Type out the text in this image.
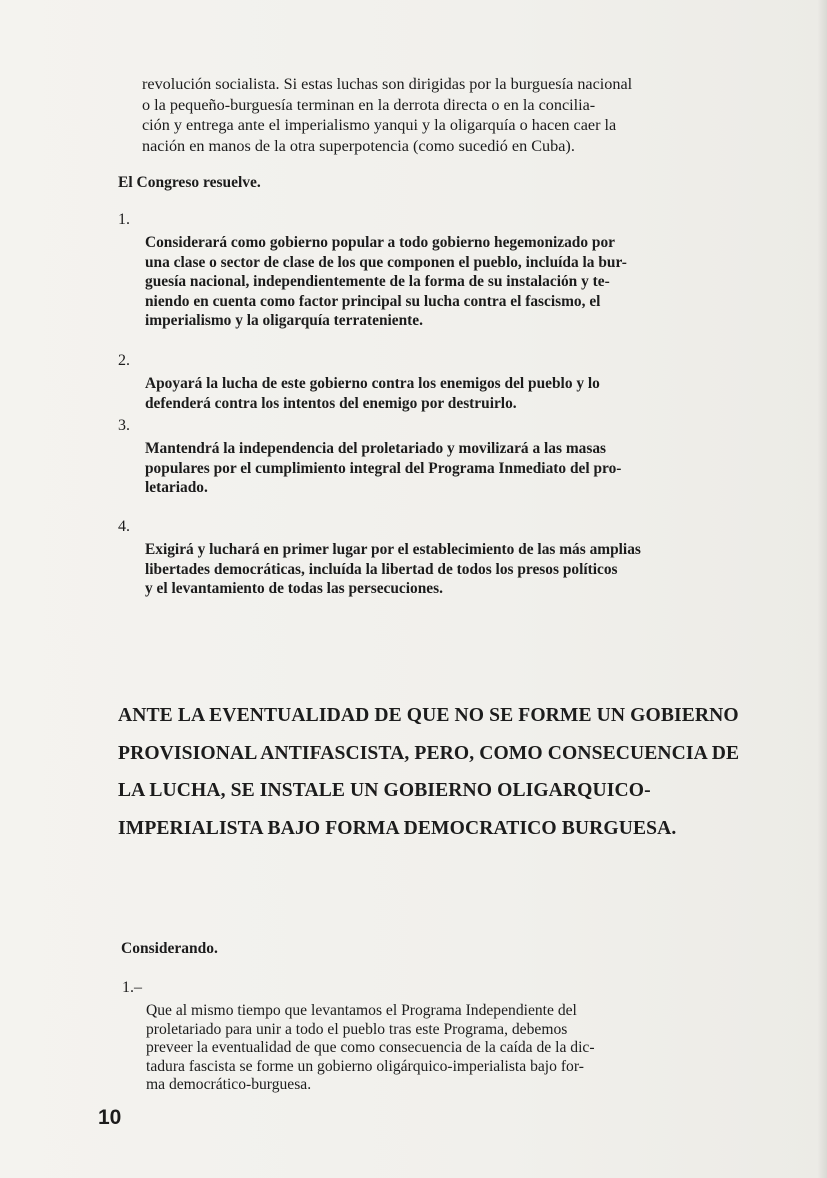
revolución socialista. Si estas luchas son dirigidas por la burguesía nacional
o la pequeño-burguesía terminan en la derrota directa o en la concilia-
ción y entrega ante el imperialismo yanqui y la oligarquía o hacen caer la
nación en manos de la otra superpotencia (como sucedió en Cuba).
El Congreso resuelve.
1.
Considerará como gobierno popular a todo gobierno hegemonizado por
una clase o sector de clase de los que componen el pueblo, incluída la bur-
guesía nacional, independientemente de la forma de su instalación y te-
niendo en cuenta como factor principal su lucha contra el fascismo, el
imperialismo y la oligarquía terrateniente.
2.
Apoyará la lucha de este gobierno contra los enemigos del pueblo y lo
defenderá contra los intentos del enemigo por destruirlo.
3.
Mantendrá la independencia del proletariado y movilizará a las masas
populares por el cumplimiento integral del Programa Inmediato del pro-
letariado.
4.
Exigirá y luchará en primer lugar por el establecimiento de las más amplias
libertades democráticas, incluída la libertad de todos los presos políticos
y el levantamiento de todas las persecuciones.
ANTE LA EVENTUALIDAD DE QUE NO SE FORME UN GOBIERNO
PROVISIONAL ANTIFASCISTA, PERO, COMO CONSECUENCIA DE
LA LUCHA, SE INSTALE UN GOBIERNO OLIGARQUICO-
IMPERIALISTA BAJO FORMA DEMOCRATICO BURGUESA.
Considerando.
1.–
Que al mismo tiempo que levantamos el Programa Independiente del
proletariado para unir a todo el pueblo tras este Programa, debemos
preveer la eventualidad de que como consecuencia de la caída de la dic-
tadura fascista se forme un gobierno oligárquico-imperialista bajo for-
ma democrático-burguesa.
10
